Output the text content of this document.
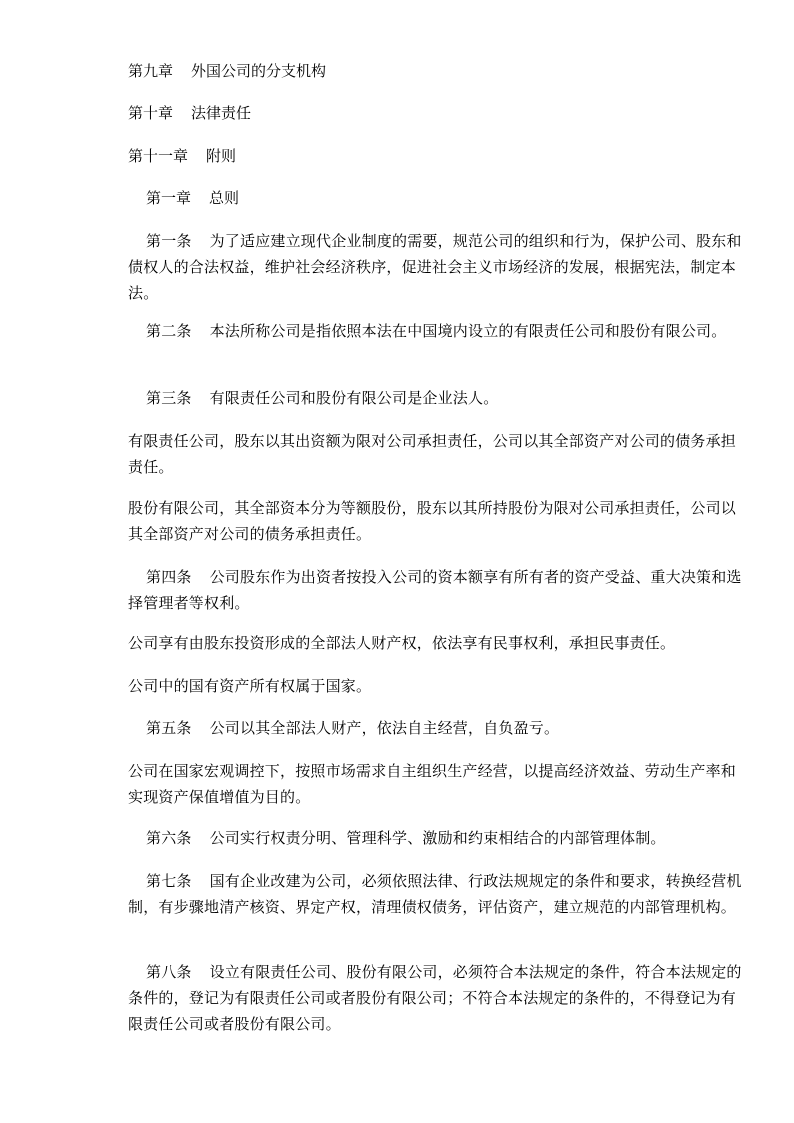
第九章 外国公司的分支机构
第十章 法律责任
第十一章 附则
第一章 总则

第一条 为了适应建立现代企业制度的需要，规范公司的组织和行为，保护公司、股东和债权人的合法权益，维护社会经济秩序，促进社会主义市场经济的发展，根据宪法，制定本法。

第二条 本法所称公司是指依照本法在中国境内设立的有限责任公司和股份有限公司。

第三条 有限责任公司和股份有限公司是企业法人。

有限责任公司，股东以其出资额为限对公司承担责任，公司以其全部资产对公司的债务承担责任。

股份有限公司，其全部资本分为等额股份，股东以其所持股份为限对公司承担责任，公司以其全部资产对公司的债务承担责任。

第四条 公司股东作为出资者按投入公司的资本额享有所有者的资产受益、重大决策和选择管理者等权利。

公司享有由股东投资形成的全部法人财产权，依法享有民事权利，承担民事责任。

公司中的国有资产所有权属于国家。

第五条 公司以其全部法人财产，依法自主经营，自负盈亏。

公司在国家宏观调控下，按照市场需求自主组织生产经营，以提高经济效益、劳动生产率和实现资产保值增值为目的。

第六条 公司实行权责分明、管理科学、激励和约束相结合的内部管理体制。

第七条 国有企业改建为公司，必须依照法律、行政法规规定的条件和要求，转换经营机制，有步骤地清产核资、界定产权，清理债权债务，评估资产，建立规范的内部管理机构。

第八条 设立有限责任公司、股份有限公司，必须符合本法规定的条件，符合本法规定的条件的，登记为有限责任公司或者股份有限公司；不符合本法规定的条件的，不得登记为有限责任公司或者股份有限公司。
